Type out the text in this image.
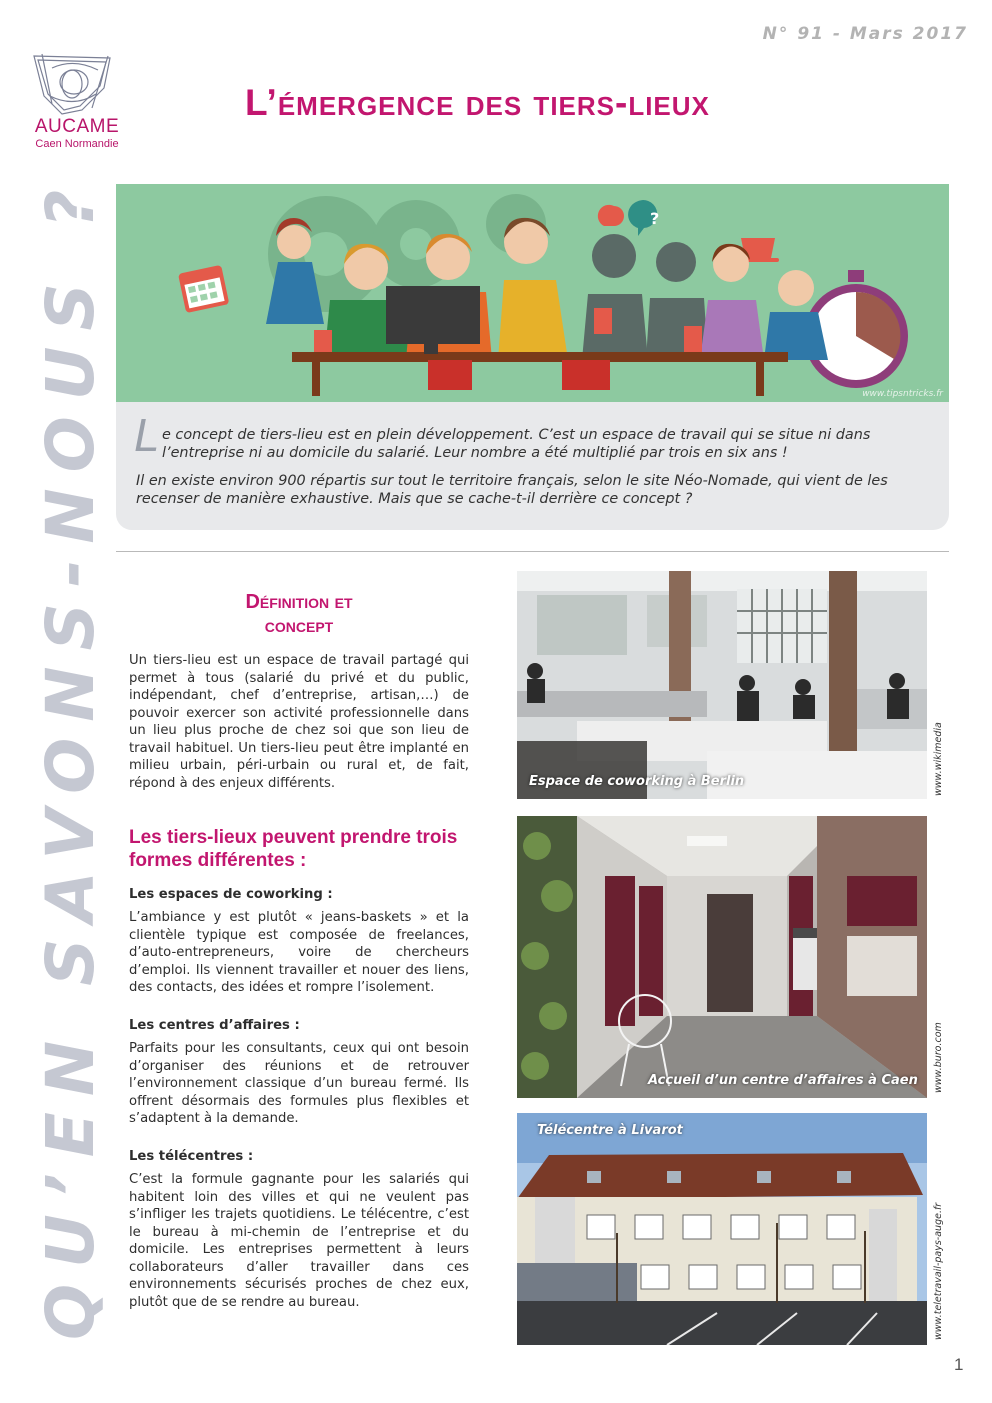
N° 91 - Mars 2017
AUCAME
Caen Normandie
L’émergence des tiers-lieux
QU’EN SAVONS-NOUS ?	?
www.tipsntricks.fr
L e concept de tiers-lieu est en plein développement. C’est un espace de travail qui se situe ni dans l’entreprise ni au domicile du salarié. Leur nombre a été multiplié par trois en six ans !
Il en existe environ 900 répartis sur tout le territoire français, selon le site Néo-Nomade, qui vient de les recenser de manière exhaustive. Mais que se cache-t-il derrière ce concept ?
Définition et
concept
Un tiers-lieu est un espace de travail partagé qui permet à tous (salarié du privé et du public, indépendant, chef d’entreprise, artisan,…) de pouvoir exercer son activité professionnelle dans un lieu plus proche de chez soi que son lieu de travail habituel. Un tiers-lieu peut être implanté en milieu urbain, péri-urbain ou rural et, de fait, répond à des enjeux différents.
Les tiers-lieux peuvent prendre trois formes différentes :
Les espaces de coworking :
L’ambiance y est plutôt « jeans-baskets » et la clientèle typique est composée de freelances, d’auto-entrepreneurs, voire de chercheurs d’emploi. Ils viennent travailler et nouer des liens, des contacts, des idées et rompre l’isolement.
Les centres d’affaires :
Parfaits pour les consultants, ceux qui ont besoin d’organiser des réunions et de retrouver l’environnement classique d’un bureau fermé. Ils offrent désormais des formules plus flexibles et s’adaptent à la demande.
Les télécentres :
C’est la formule gagnante pour les salariés qui habitent loin des villes et qui ne veulent pas s’infliger les trajets quotidiens. Le télécentre, c’est le bureau à mi-chemin de l’entreprise et du domicile. Les entreprises permettent à leurs collaborateurs d’aller travailler dans ces environnements sécurisés proches de chez eux, plutôt que de se rendre au bureau.
Espace de coworking à Berlin	www.wikimedia
Accueil d’un centre d’affaires à Caen www.buro.com
Télécentre à Livarot
www.teletravail-pays-auge.fr
1
